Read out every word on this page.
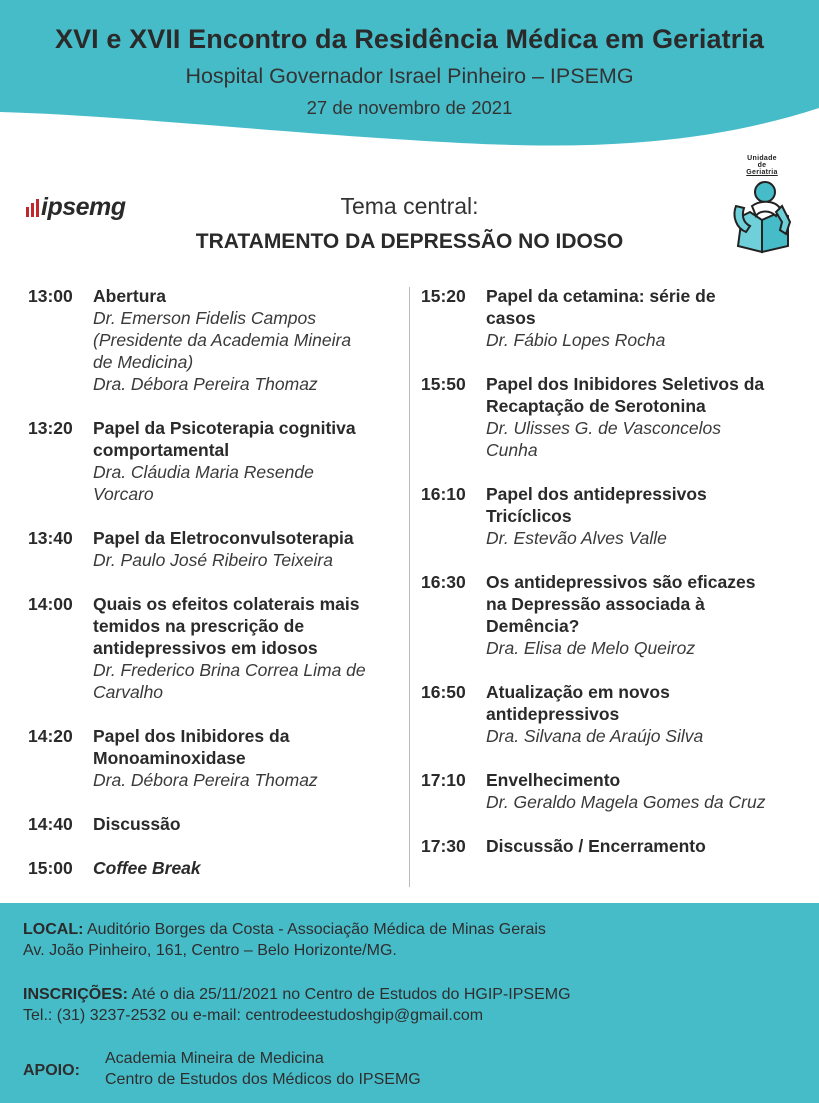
XVI e XVII Encontro da Residência Médica em Geriatria
Hospital Governador Israel Pinheiro – IPSEMG
27 de novembro de 2021
ipsemg
Unidade
de
Geriatria
Tema central:
TRATAMENTO DA DEPRESSÃO NO IDOSO
13:00	Abertura
Dr. Emerson Fidelis Campos
(Presidente da Academia Mineira
de Medicina)
Dra. Débora Pereira Thomaz
13:20	Papel da Psicoterapia cognitiva
comportamental
Dra. Cláudia Maria Resende
Vorcaro
13:40	Papel da Eletroconvulsoterapia
Dr. Paulo José Ribeiro Teixeira
14:00	Quais os efeitos colaterais mais
temidos na prescrição de
antidepressivos em idosos
Dr. Frederico Brina Correa Lima de
Carvalho
14:20	Papel dos Inibidores da
Monoaminoxidase
Dra. Débora Pereira Thomaz
14:40	Discussão
15:00	Coffee Break
15:20	Papel da cetamina: série de
casos
Dr. Fábio Lopes Rocha
15:50	Papel dos Inibidores Seletivos da
Recaptação de Serotonina
Dr. Ulisses G. de Vasconcelos
Cunha
16:10	Papel dos antidepressivos
Tricíclicos
Dr. Estevão Alves Valle
16:30	Os antidepressivos são eficazes
na Depressão associada à
Demência?
Dra. Elisa de Melo Queiroz
16:50	Atualização em novos
antidepressivos
Dra. Silvana de Araújo Silva
17:10	Envelhecimento
Dr. Geraldo Magela Gomes da Cruz
17:30	Discussão / Encerramento
LOCAL: Auditório Borges da Costa - Associação Médica de Minas Gerais
Av. João Pinheiro, 161, Centro – Belo Horizonte/MG.
INSCRIÇÕES: Até o dia 25/11/2021 no Centro de Estudos do HGIP-IPSEMG
Tel.: (31) 3237-2532 ou e-mail: centrodeestudoshgip@gmail.com
APOIO:
Academia Mineira de Medicina
Centro de Estudos dos Médicos do IPSEMG
